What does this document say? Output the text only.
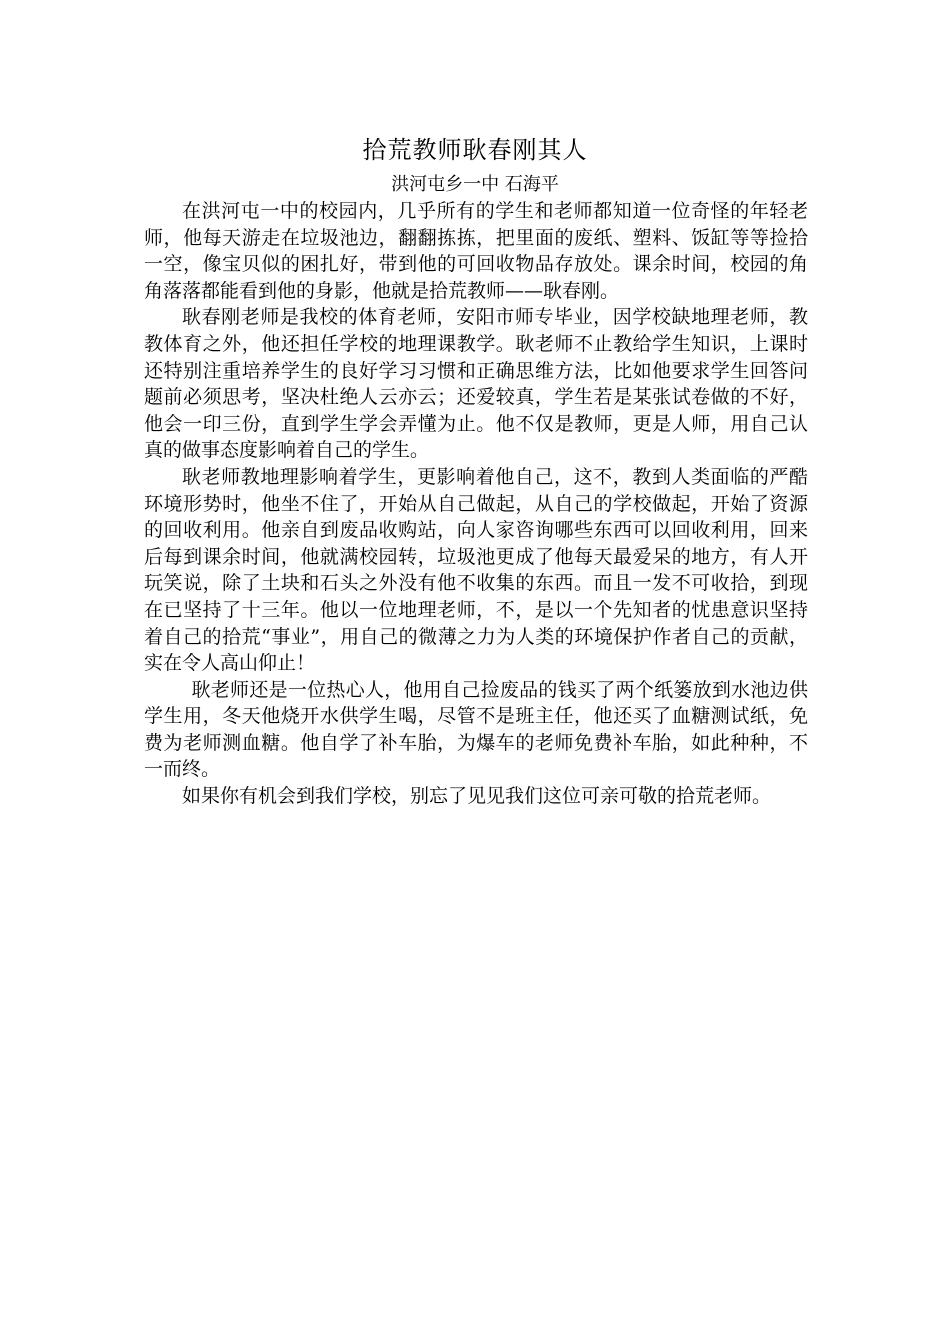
拾荒教师耿春刚其人
洪河屯乡一中 石海平

在洪河屯一中的校园内，几乎所有的学生和老师都知道一位奇怪的年轻老师，他每天游走在垃圾池边，翻翻拣拣，把里面的废纸、塑料、饭缸等等捡拾一空，像宝贝似的困扎好，带到他的可回收物品存放处。课余时间，校园的角角落落都能看到他的身影，他就是拾荒教师——耿春刚。

耿春刚老师是我校的体育老师，安阳市师专毕业，因学校缺地理老师，教教体育之外，他还担任学校的地理课教学。耿老师不止教给学生知识，上课时还特别注重培养学生的良好学习习惯和正确思维方法，比如他要求学生回答问题前必须思考，坚决杜绝人云亦云；还爱较真，学生若是某张试卷做的不好，他会一印三份，直到学生学会弄懂为止。他不仅是教师，更是人师，用自己认真的做事态度影响着自己的学生。

耿老师教地理影响着学生，更影响着他自己，这不，教到人类面临的严酷环境形势时，他坐不住了，开始从自己做起，从自己的学校做起，开始了资源的回收利用。他亲自到废品收购站，向人家咨询哪些东西可以回收利用，回来后每到课余时间，他就满校园转，垃圾池更成了他每天最爱呆的地方，有人开玩笑说，除了土块和石头之外没有他不收集的东西。而且一发不可收拾，到现在已坚持了十三年。他以一位地理老师，不，是以一个先知者的忧患意识坚持着自己的拾荒“事业”，用自己的微薄之力为人类的环境保护作者自己的贡献，实在令人高山仰止！

耿老师还是一位热心人，他用自己捡废品的钱买了两个纸篓放到水池边供学生用，冬天他烧开水供学生喝，尽管不是班主任，他还买了血糖测试纸，免费为老师测血糖。他自学了补车胎，为爆车的老师免费补车胎，如此种种，不一而终。

如果你有机会到我们学校，别忘了见见我们这位可亲可敬的拾荒老师。
